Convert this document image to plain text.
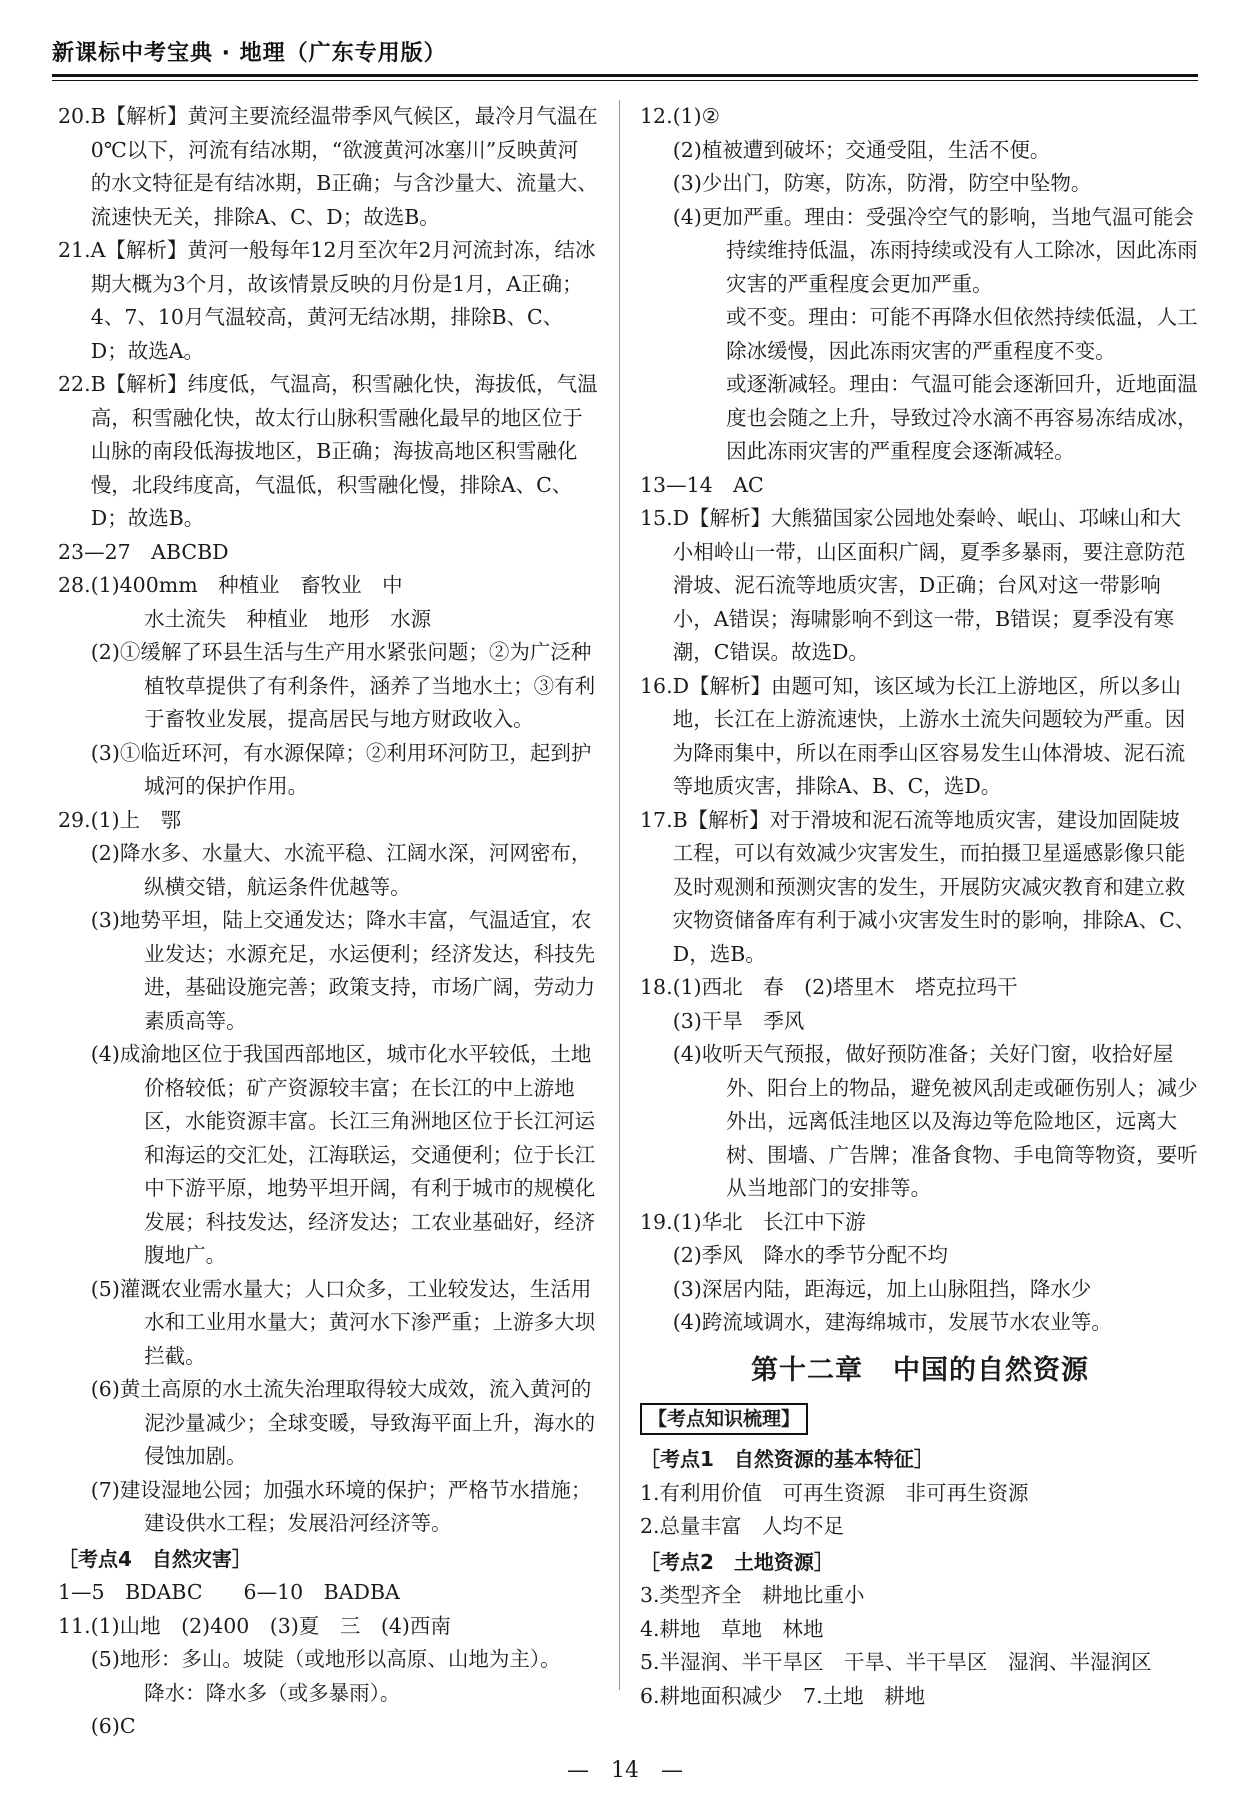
新课标中考宝典 · 地理（广东专用版）

20.B【解析】黄河主要流经温带季风气候区，最冷月气温在0℃以下，河流有结冰期，“欲渡黄河冰塞川”反映黄河的水文特征是有结冰期，B正确；与含沙量大、流量大、流速快无关，排除A、C、D；故选B。

21.A【解析】黄河一般每年12月至次年2月河流封冻，结冰期大概为3个月，故该情景反映的月份是1月，A正确；4、7、10月气温较高，黄河无结冰期，排除B、C、D；故选A。

22.B【解析】纬度低，气温高，积雪融化快，海拔低，气温高，积雪融化快，故太行山脉积雪融化最早的地区位于山脉的南段低海拔地区，B正确；海拔高地区积雪融化慢，北段纬度高，气温低，积雪融化慢，排除A、C、D；故选B。

23—27　ABCBD

28.(1)400mm　种植业　畜牧业　中

水土流失　种植业　地形　水源

(2)①缓解了环县生活与生产用水紧张问题；②为广泛种植牧草提供了有利条件，涵养了当地水土；③有利于畜牧业发展，提高居民与地方财政收入。

(3)①临近环河，有水源保障；②利用环河防卫，起到护城河的保护作用。

29.(1)上　鄂

(2)降水多、水量大、水流平稳、江阔水深，河网密布，纵横交错，航运条件优越等。

(3)地势平坦，陆上交通发达；降水丰富，气温适宜，农业发达；水源充足，水运便利；经济发达，科技先进，基础设施完善；政策支持，市场广阔，劳动力素质高等。

(4)成渝地区位于我国西部地区，城市化水平较低，土地价格较低；矿产资源较丰富；在长江的中上游地区，水能资源丰富。长江三角洲地区位于长江河运和海运的交汇处，江海联运，交通便利；位于长江中下游平原，地势平坦开阔，有利于城市的规模化发展；科技发达，经济发达；工农业基础好，经济腹地广。

(5)灌溉农业需水量大；人口众多，工业较发达，生活用水和工业用水量大；黄河水下渗严重；上游多大坝拦截。

(6)黄土高原的水土流失治理取得较大成效，流入黄河的泥沙量减少；全球变暖，导致海平面上升，海水的侵蚀加剧。

(7)建设湿地公园；加强水环境的保护；严格节水措施；建设供水工程；发展沿河经济等。

［考点4　自然灾害］

1—5　BDABC　　6—10　BADBA

11.(1)山地　(2)400　(3)夏　三　(4)西南

(5)地形：多山。坡陡（或地形以高原、山地为主）。

降水：降水多（或多暴雨）。

(6)C

12.(1)②

(2)植被遭到破坏；交通受阻，生活不便。

(3)少出门，防寒，防冻，防滑，防空中坠物。

(4)更加严重。理由：受强冷空气的影响，当地气温可能会持续维持低温，冻雨持续或没有人工除冰，因此冻雨灾害的严重程度会更加严重。

或不变。理由：可能不再降水但依然持续低温，人工除冰缓慢，因此冻雨灾害的严重程度不变。

或逐渐减轻。理由：气温可能会逐渐回升，近地面温度也会随之上升，导致过冷水滴不再容易冻结成冰，因此冻雨灾害的严重程度会逐渐减轻。

13—14　AC

15.D【解析】大熊猫国家公园地处秦岭、岷山、邛崃山和大小相岭山一带，山区面积广阔，夏季多暴雨，要注意防范滑坡、泥石流等地质灾害，D正确；台风对这一带影响小，A错误；海啸影响不到这一带，B错误；夏季没有寒潮，C错误。故选D。

16.D【解析】由题可知，该区域为长江上游地区，所以多山地，长江在上游流速快，上游水土流失问题较为严重。因为降雨集中，所以在雨季山区容易发生山体滑坡、泥石流等地质灾害，排除A、B、C，选D。

17.B【解析】对于滑坡和泥石流等地质灾害，建设加固陡坡工程，可以有效减少灾害发生，而拍摄卫星遥感影像只能及时观测和预测灾害的发生，开展防灾减灾教育和建立救灾物资储备库有利于减小灾害发生时的影响，排除A、C、D，选B。

18.(1)西北　春　(2)塔里木　塔克拉玛干

(3)干旱　季风

(4)收听天气预报，做好预防准备；关好门窗，收拾好屋外、阳台上的物品，避免被风刮走或砸伤别人；减少外出，远离低洼地区以及海边等危险地区，远离大树、围墙、广告牌；准备食物、手电筒等物资，要听从当地部门的安排等。

19.(1)华北　长江中下游

(2)季风　降水的季节分配不均

(3)深居内陆，距海远，加上山脉阻挡，降水少

(4)跨流域调水，建海绵城市，发展节水农业等。

第十二章 中国的自然资源
【考点知识梳理】

［考点1　自然资源的基本特征］

1.有利用价值　可再生资源　非可再生资源

2.总量丰富　人均不足

［考点2　土地资源］

3.类型齐全　耕地比重小

4.耕地　草地　林地

5.半湿润、半干旱区　干旱、半干旱区　湿润、半湿润区

6.耕地面积减少　7.土地　耕地

— 14 —
